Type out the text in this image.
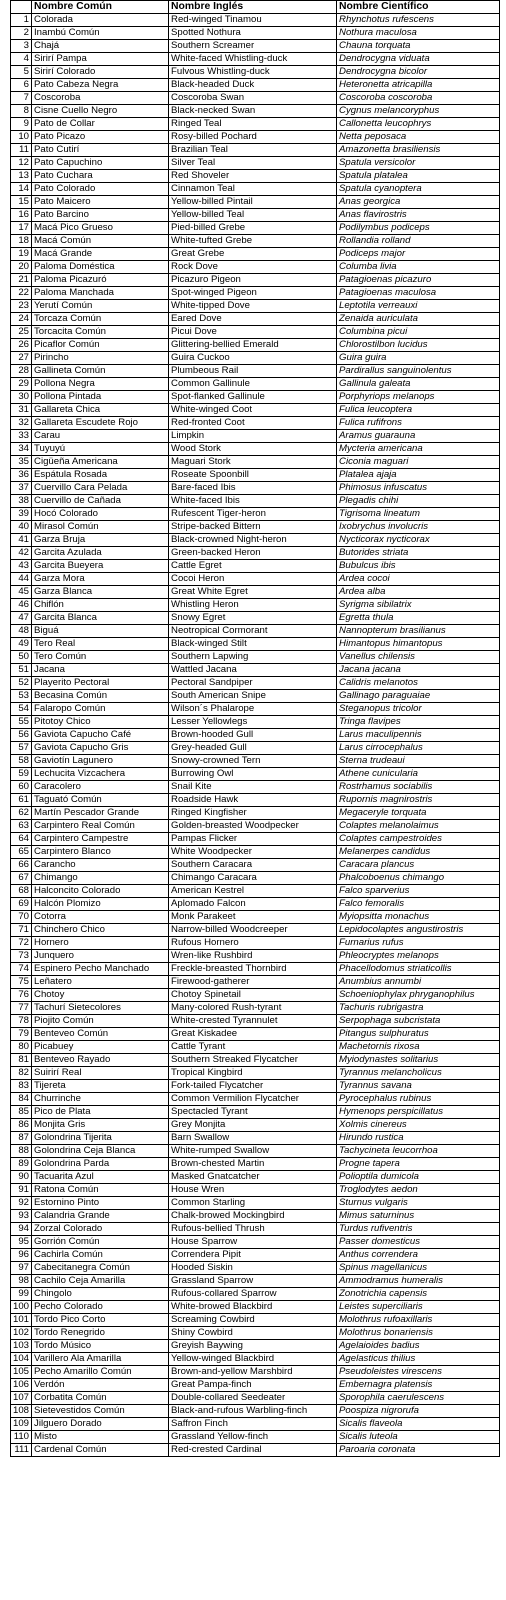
	Nombre Común	Nombre Inglés	Nombre Científico
1	Colorada	Red-winged Tinamou	Rhynchotus rufescens
2	Inambú Común	Spotted Nothura	Nothura maculosa
3	Chajá	Southern Screamer	Chauna torquata
4	Sirirí Pampa	White-faced Whistling-duck	Dendrocygna viduata
5	Sirirí Colorado	Fulvous Whistling-duck	Dendrocygna bicolor
6	Pato Cabeza Negra	Black-headed Duck	Heteronetta atricapilla
7	Coscoroba	Coscoroba Swan	Coscoroba coscoroba
8	Cisne Cuello Negro	Black-necked Swan	Cygnus melancoryphus
9	Pato de Collar	Ringed Teal	Callonetta leucophrys
10	Pato Picazo	Rosy-billed Pochard	Netta peposaca
11	Pato Cutirí	Brazilian Teal	Amazonetta brasiliensis
12	Pato Capuchino	Silver Teal	Spatula versicolor
13	Pato Cuchara	Red Shoveler	Spatula platalea
14	Pato Colorado	Cinnamon Teal	Spatula cyanoptera
15	Pato Maicero	Yellow-billed Pintail	Anas georgica
16	Pato Barcino	Yellow-billed Teal	Anas flavirostris
17	Macá Pico Grueso	Pied-billed Grebe	Podilymbus podiceps
18	Macá Común	White-tufted Grebe	Rollandia rolland
19	Macá Grande	Great Grebe	Podiceps major
20	Paloma Doméstica	Rock Dove	Columba livia
21	Paloma Picazuró	Picazuro Pigeon	Patagioenas picazuro
22	Paloma Manchada	Spot-winged Pigeon	Patagioenas maculosa
23	Yerutí Común	White-tipped Dove	Leptotila verreauxi
24	Torcaza Común	Eared Dove	Zenaida auriculata
25	Torcacita Común	Picui Dove	Columbina picui
26	Picaflor Común	Glittering-bellied Emerald	Chlorostilbon lucidus
27	Pirincho	Guira Cuckoo	Guira guira
28	Gallineta Común	Plumbeous Rail	Pardirallus sanguinolentus
29	Pollona Negra	Common Gallinule	Gallinula galeata
30	Pollona Pintada	Spot-flanked Gallinule	Porphyriops melanops
31	Gallareta Chica	White-winged Coot	Fulica leucoptera
32	Gallareta Escudete Rojo	Red-fronted Coot	Fulica rufifrons
33	Carau	Limpkin	Aramus guarauna
34	Tuyuyú	Wood Stork	Mycteria americana
35	Cigüeña Americana	Maguari Stork	Ciconia maguari
36	Espátula Rosada	Roseate Spoonbill	Platalea ajaja
37	Cuervillo Cara Pelada	Bare-faced Ibis	Phimosus infuscatus
38	Cuervillo de Cañada	White-faced Ibis	Plegadis chihi
39	Hocó Colorado	Rufescent Tiger-heron	Tigrisoma lineatum
40	Mirasol Común	Stripe-backed Bittern	Ixobrychus involucris
41	Garza Bruja	Black-crowned Night-heron	Nycticorax nycticorax
42	Garcita Azulada	Green-backed Heron	Butorides striata
43	Garcita Bueyera	Cattle Egret	Bubulcus ibis
44	Garza Mora	Cocoi Heron	Ardea cocoi
45	Garza Blanca	Great White Egret	Ardea alba
46	Chiflón	Whistling Heron	Syrigma sibilatrix
47	Garcita Blanca	Snowy Egret	Egretta thula
48	Biguá	Neotropical Cormorant	Nannopterum brasilianus
49	Tero Real	Black-winged Stilt	Himantopus himantopus
50	Tero Común	Southern Lapwing	Vanellus chilensis
51	Jacana	Wattled Jacana	Jacana jacana
52	Playerito Pectoral	Pectoral Sandpiper	Calidris melanotos
53	Becasina Común	South American Snipe	Gallinago paraguaiae
54	Falaropo Común	Wilson´s Phalarope	Steganopus tricolor
55	Pitotoy Chico	Lesser Yellowlegs	Tringa flavipes
56	Gaviota Capucho Café	Brown-hooded Gull	Larus maculipennis
57	Gaviota Capucho Gris	Grey-headed Gull	Larus cirrocephalus
58	Gaviotín Lagunero	Snowy-crowned Tern	Sterna trudeaui
59	Lechucita Vizcachera	Burrowing Owl	Athene cunicularia
60	Caracolero	Snail Kite	Rostrhamus sociabilis
61	Taguató Común	Roadside Hawk	Rupornis magnirostris
62	Martín Pescador Grande	Ringed Kingfisher	Megaceryle torquata
63	Carpintero Real Común	Golden-breasted Woodpecker	Colaptes melanolaimus
64	Carpintero Campestre	Pampas Flicker	Colaptes campestroides
65	Carpintero Blanco	White Woodpecker	Melanerpes candidus
66	Carancho	Southern Caracara	Caracara plancus
67	Chimango	Chimango Caracara	Phalcoboenus chimango
68	Halconcito Colorado	American Kestrel	Falco sparverius
69	Halcón Plomizo	Aplomado Falcon	Falco femoralis
70	Cotorra	Monk Parakeet	Myiopsitta monachus
71	Chinchero Chico	Narrow-billed Woodcreeper	Lepidocolaptes angustirostris
72	Hornero	Rufous Hornero	Furnarius rufus
73	Junquero	Wren-like Rushbird	Phleocryptes melanops
74	Espinero Pecho Manchado	Freckle-breasted Thornbird	Phacellodomus striaticollis
75	Leñatero	Firewood-gatherer	Anumbius annumbi
76	Chotoy	Chotoy Spinetail	Schoeniophylax phryganophilus
77	Tachurí Sietecolores	Many-colored Rush-tyrant	Tachuris rubrigastra
78	Piojito Común	White-crested Tyrannulet	Serpophaga subcristata
79	Benteveo Común	Great Kiskadee	Pitangus sulphuratus
80	Picabuey	Cattle Tyrant	Machetornis rixosa
81	Benteveo Rayado	Southern Streaked Flycatcher	Myiodynastes solitarius
82	Suirirí Real	Tropical Kingbird	Tyrannus melancholicus
83	Tijereta	Fork-tailed Flycatcher	Tyrannus savana
84	Churrinche	Common Vermilion Flycatcher	Pyrocephalus rubinus
85	Pico de Plata	Spectacled Tyrant	Hymenops perspicillatus
86	Monjita Gris	Grey Monjita	Xolmis cinereus
87	Golondrina Tijerita	Barn Swallow	Hirundo rustica
88	Golondrina Ceja Blanca	White-rumped Swallow	Tachycineta leucorrhoa
89	Golondrina Parda	Brown-chested Martin	Progne tapera
90	Tacuarita Azul	Masked Gnatcatcher	Polioptila dumicola
91	Ratona Común	House Wren	Troglodytes aedon
92	Estornino Pinto	Common Starling	Sturnus vulgaris
93	Calandria Grande	Chalk-browed Mockingbird	Mimus saturninus
94	Zorzal Colorado	Rufous-bellied Thrush	Turdus rufiventris
95	Gorrión Común	House Sparrow	Passer domesticus
96	Cachirla Común	Correndera Pipit	Anthus correndera
97	Cabecitanegra Común	Hooded Siskin	Spinus magellanicus
98	Cachilo Ceja Amarilla	Grassland Sparrow	Ammodramus humeralis
99	Chingolo	Rufous-collared Sparrow	Zonotrichia capensis
100	Pecho Colorado	White-browed Blackbird	Leistes superciliaris
101	Tordo Pico Corto	Screaming Cowbird	Molothrus rufoaxillaris
102	Tordo Renegrido	Shiny Cowbird	Molothrus bonariensis
103	Tordo Músico	Greyish Baywing	Agelaioides badius
104	Varillero Ala Amarilla	Yellow-winged Blackbird	Agelasticus thilius
105	Pecho Amarillo Común	Brown-and-yellow Marshbird	Pseudoleistes virescens
106	Verdón	Great Pampa-finch	Embernagra platensis
107	Corbatita Común	Double-collared Seedeater	Sporophila caerulescens
108	Sietevestidos Común	Black-and-rufous Warbling-finch	Poospiza nigrorufa
109	Jilguero Dorado	Saffron Finch	Sicalis flaveola
110	Misto	Grassland Yellow-finch	Sicalis luteola
111	Cardenal Común	Red-crested Cardinal	Paroaria coronata
